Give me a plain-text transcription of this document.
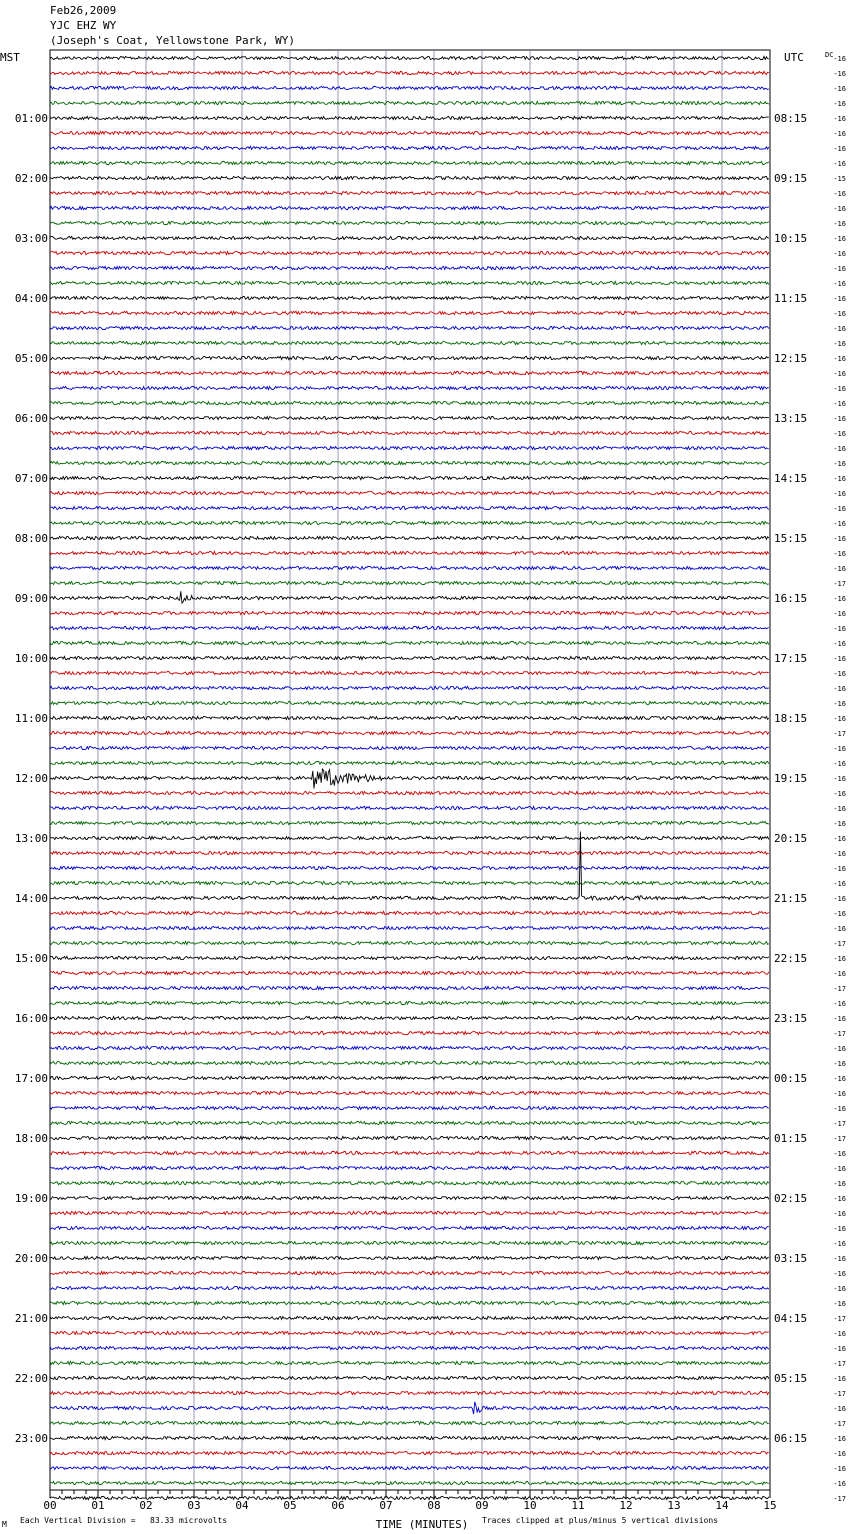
Feb26,2009
YJC EHZ WY
(Joseph's Coat, Yellowstone Park, WY)
MST	UTC	DC
01:00
02:00
03:00
04:00
05:00
06:00
07:00
08:00
09:00
10:00
11:00
12:00
13:00
14:00
15:00
16:00
17:00
18:00
19:00
20:00
21:00
22:00
23:00
08:15
09:15
10:15
11:15
12:15
13:15
14:15
15:15
16:15
17:15
18:15
19:15
20:15
21:15
22:15
23:15
00:15
01:15
02:15
03:15
04:15
05:15
06:15
-16
-16
-16
-16
-16
-16
-16
-16
-15
-16
-16
-16
-16
-16
-16
-16
-16
-16
-16
-16
-16
-16
-16
-16
-16
-16
-16
-16
-16
-16
-16
-16
-16
-16
-16
-17
-16
-16
-16
-16
-16
-16
-16
-16
-16
-17
-16
-16
-16
-16
-16
-16
-16
-16
-16
-16
-16
-16
-16
-17
-16
-16
-17
-16
-16
-17
-16
-16
-16
-16
-16
-17
-17
-16
-16
-16
-16
-16
-16
-16
-16
-16
-16
-16
-17
-16
-16
-17
-16
-17
-16
-17
-16
-16
-16
-16
-17
00	01	02	03	04	05	06	07	08	09	10	11	12	13	14	15
TIME (MINUTES)
M Each Vertical Division =   83.33 microvolts	Traces clipped at plus/minus 5 vertical divisions
